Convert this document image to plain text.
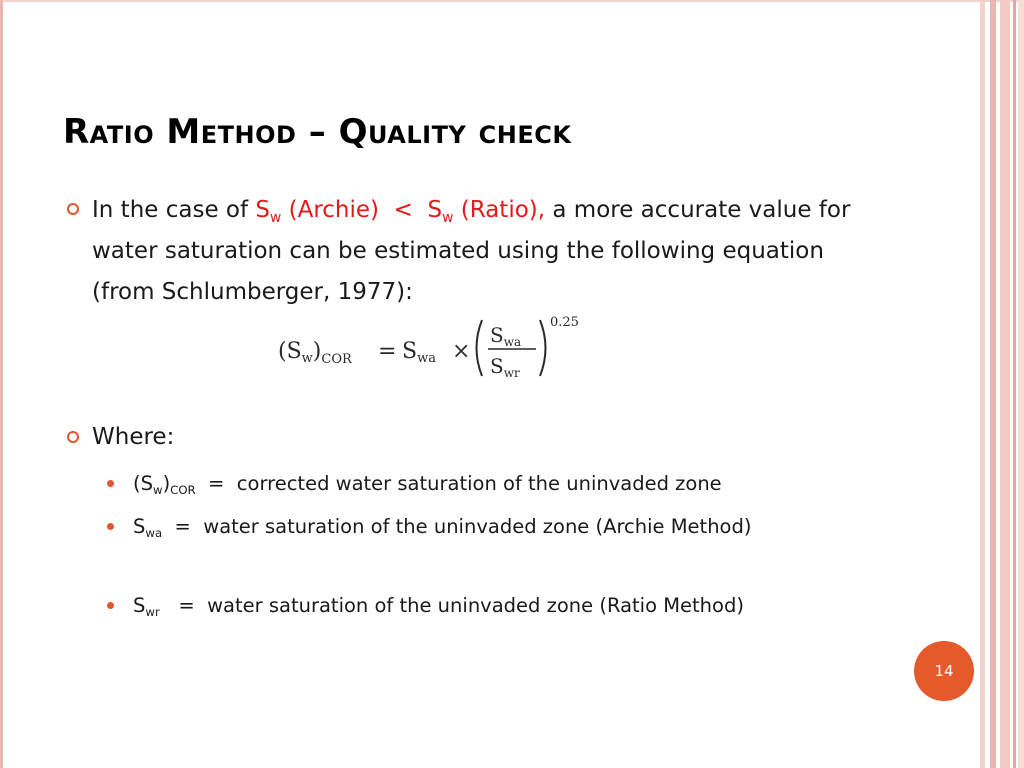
Ratio Method – Quality check

In the case of $S_w$ (Archie)  <  $S_w$ (Ratio), a more accurate value for water saturation can be estimated using the following equation (from Schlumberger, 1977):

$(Sw)_{COR}$ = Swa ×
$S_{wa}$
$S_{wr}$
0.25

Where:

$(S_w)_{COR}$  =  corrected water saturation of the uninvaded zone

$S_{wa}$  =  water saturation of the uninvaded zone (Archie Method)

$S_{wr}$   =  water saturation of the uninvaded zone (Ratio Method)

14
